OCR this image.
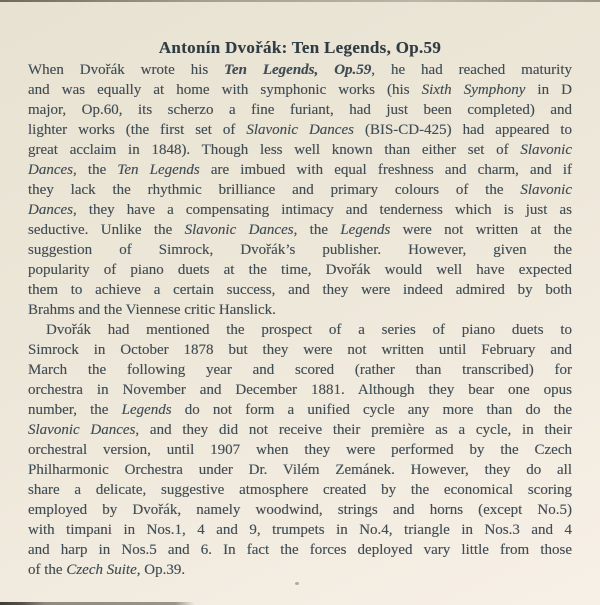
Antonín Dvořák: Ten Legends, Op.59
When Dvořák wrote his Ten Legends, Op.59, he had reached maturity
and was equally at home with symphonic works (his Sixth Symphony in D
major, Op.60, its scherzo a fine furiant, had just been completed) and
lighter works (the first set of Slavonic Dances (BIS-CD-425) had appeared to
great acclaim in 1848). Though less well known than either set of Slavonic
Dances, the Ten Legends are imbued with equal freshness and charm, and if
they lack the rhythmic brilliance and primary colours of the Slavonic
Dances, they have a compensating intimacy and tenderness which is just as
seductive. Unlike the Slavonic Dances, the Legends were not written at the
suggestion of Simrock, Dvořák’s publisher. However, given the
popularity of piano duets at the time, Dvořák would well have expected
them to achieve a certain success, and they were indeed admired by both
Brahms and the Viennese critic Hanslick.
Dvořák had mentioned the prospect of a series of piano duets to
Simrock in October 1878 but they were not written until February and
March the following year and scored (rather than transcribed) for
orchestra in November and December 1881. Although they bear one opus
number, the Legends do not form a unified cycle any more than do the
Slavonic Dances, and they did not receive their première as a cycle, in their
orchestral version, until 1907 when they were performed by the Czech
Philharmonic Orchestra under Dr. Vilém Zemánek. However, they do all
share a delicate, suggestive atmosphere created by the economical scoring
employed by Dvořák, namely woodwind, strings and horns (except No.5)
with timpani in Nos.1, 4 and 9, trumpets in No.4, triangle in Nos.3 and 4
and harp in Nos.5 and 6. In fact the forces deployed vary little from those
of the Czech Suite, Op.39.
